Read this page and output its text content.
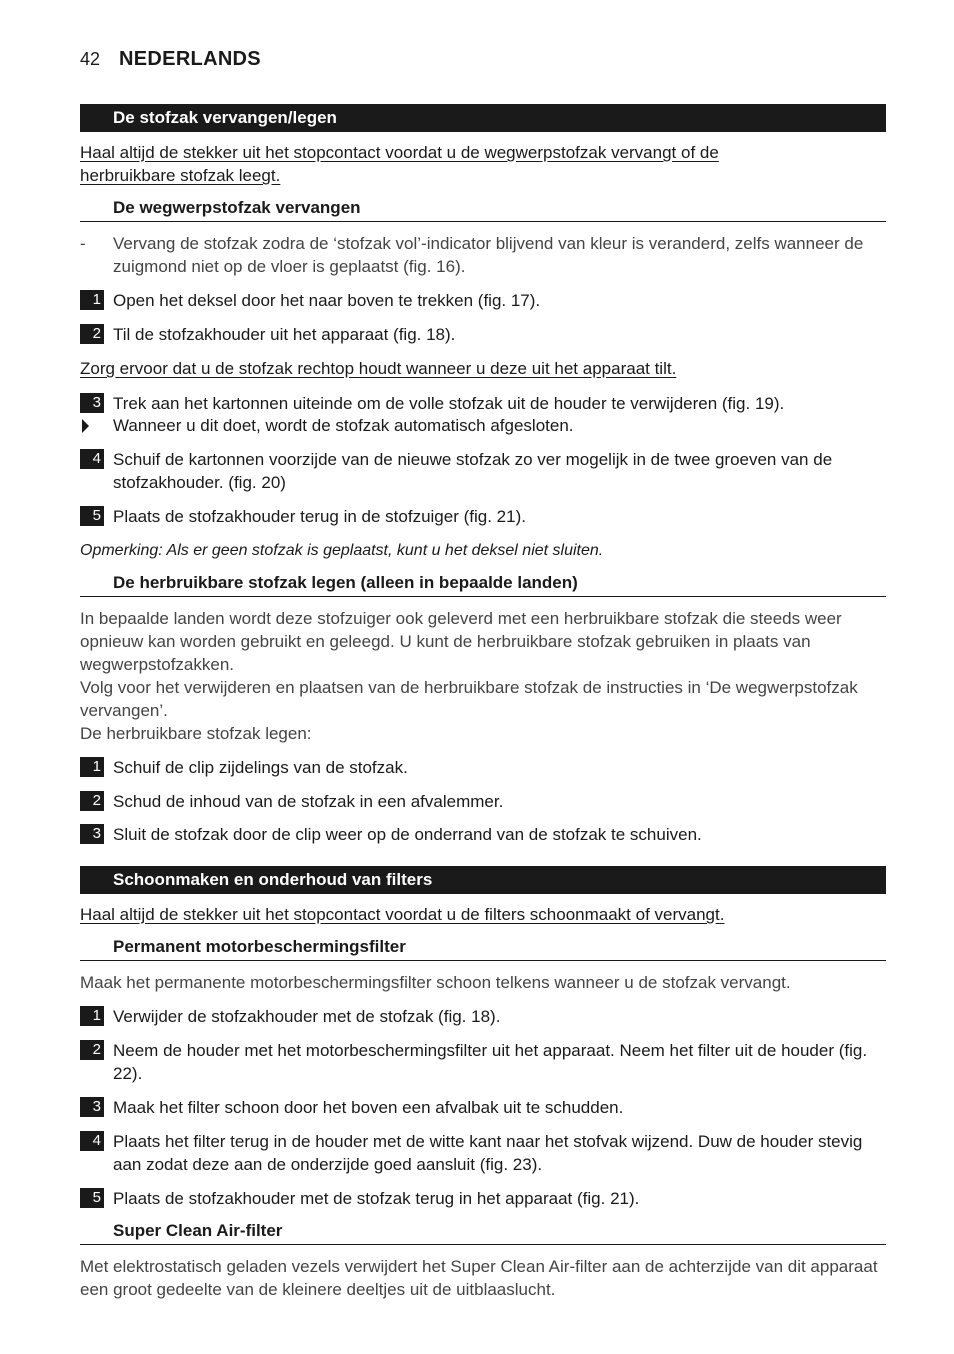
42 NEDERLANDS
De stofzak vervangen/legen
Haal altijd de stekker uit het stopcontact voordat u de wegwerpstofzak vervangt of de
herbruikbare stofzak leegt.
De wegwerpstofzak vervangen
- Vervang de stofzak zodra de ‘stofzak vol’-indicator blijvend van kleur is veranderd, zelfs wanneer de zuigmond niet op de vloer is geplaatst (fig. 16).
1 Open het deksel door het naar boven te trekken (fig. 17).
2 Til de stofzakhouder uit het apparaat (fig. 18).
Zorg ervoor dat u de stofzak rechtop houdt wanneer u deze uit het apparaat tilt.
3 Trek aan het kartonnen uiteinde om de volle stofzak uit de houder te verwijderen (fig. 19).
Wanneer u dit doet, wordt de stofzak automatisch afgesloten.
4 Schuif de kartonnen voorzijde van de nieuwe stofzak zo ver mogelijk in de twee groeven van de stofzakhouder. (fig. 20)
5 Plaats de stofzakhouder terug in de stofzuiger (fig. 21).
Opmerking: Als er geen stofzak is geplaatst, kunt u het deksel niet sluiten.
De herbruikbare stofzak legen (alleen in bepaalde landen)
In bepaalde landen wordt deze stofzuiger ook geleverd met een herbruikbare stofzak die steeds weer opnieuw kan worden gebruikt en geleegd. U kunt de herbruikbare stofzak gebruiken in plaats van wegwerpstofzakken.
Volg voor het verwijderen en plaatsen van de herbruikbare stofzak de instructies in ‘De wegwerpstofzak vervangen’.
De herbruikbare stofzak legen:
1 Schuif de clip zijdelings van de stofzak.
2 Schud de inhoud van de stofzak in een afvalemmer.
3 Sluit de stofzak door de clip weer op de onderrand van de stofzak te schuiven.
Schoonmaken en onderhoud van filters
Haal altijd de stekker uit het stopcontact voordat u de filters schoonmaakt of vervangt.
Permanent motorbeschermingsfilter
Maak het permanente motorbeschermingsfilter schoon telkens wanneer u de stofzak vervangt.
1 Verwijder de stofzakhouder met de stofzak (fig. 18).
2 Neem de houder met het motorbeschermingsfilter uit het apparaat. Neem het filter uit de houder (fig. 22).
3 Maak het filter schoon door het boven een afvalbak uit te schudden.
4 Plaats het filter terug in de houder met de witte kant naar het stofvak wijzend. Duw de houder stevig aan zodat deze aan de onderzijde goed aansluit (fig. 23).
5 Plaats de stofzakhouder met de stofzak terug in het apparaat (fig. 21).
Super Clean Air-filter
Met elektrostatisch geladen vezels verwijdert het Super Clean Air-filter aan de achterzijde van dit apparaat een groot gedeelte van de kleinere deeltjes uit de uitblaaslucht.
